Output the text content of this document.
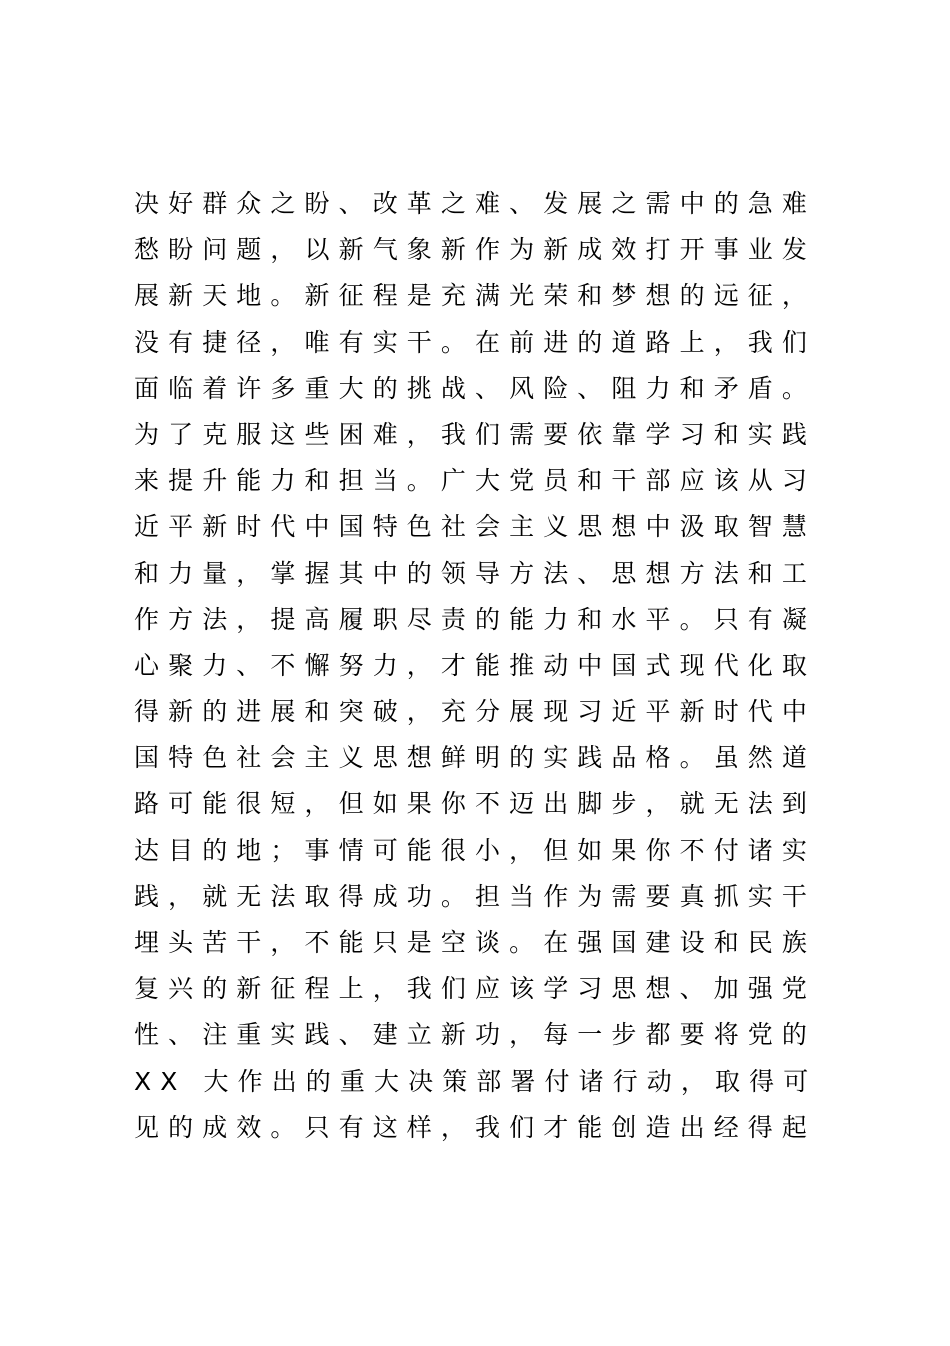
决好群众之盼、改革之难、发展之需中的急难
愁盼问题，以新气象新作为新成效打开事业发
展新天地。新征程是充满光荣和梦想的远征，
没有捷径，唯有实干。在前进的道路上，我们
面临着许多重大的挑战、风险、阻力和矛盾。
为了克服这些困难，我们需要依靠学习和实践
来提升能力和担当。广大党员和干部应该从习
近平新时代中国特色社会主义思想中汲取智慧
和力量，掌握其中的领导方法、思想方法和工
作方法，提高履职尽责的能力和水平。只有凝
心聚力、不懈努力，才能推动中国式现代化取
得新的进展和突破，充分展现习近平新时代中
国特色社会主义思想鲜明的实践品格。虽然道
路可能很短，但如果你不迈出脚步，就无法到
达目的地；事情可能很小，但如果你不付诸实
践，就无法取得成功。担当作为需要真抓实干
埋头苦干，不能只是空谈。在强国建设和民族
复兴的新征程上，我们应该学习思想、加强党
性、注重实践、建立新功，每一步都要将党的
XX 大作出的重大决策部署付诸行动，取得可
见的成效。只有这样，我们才能创造出经得起
